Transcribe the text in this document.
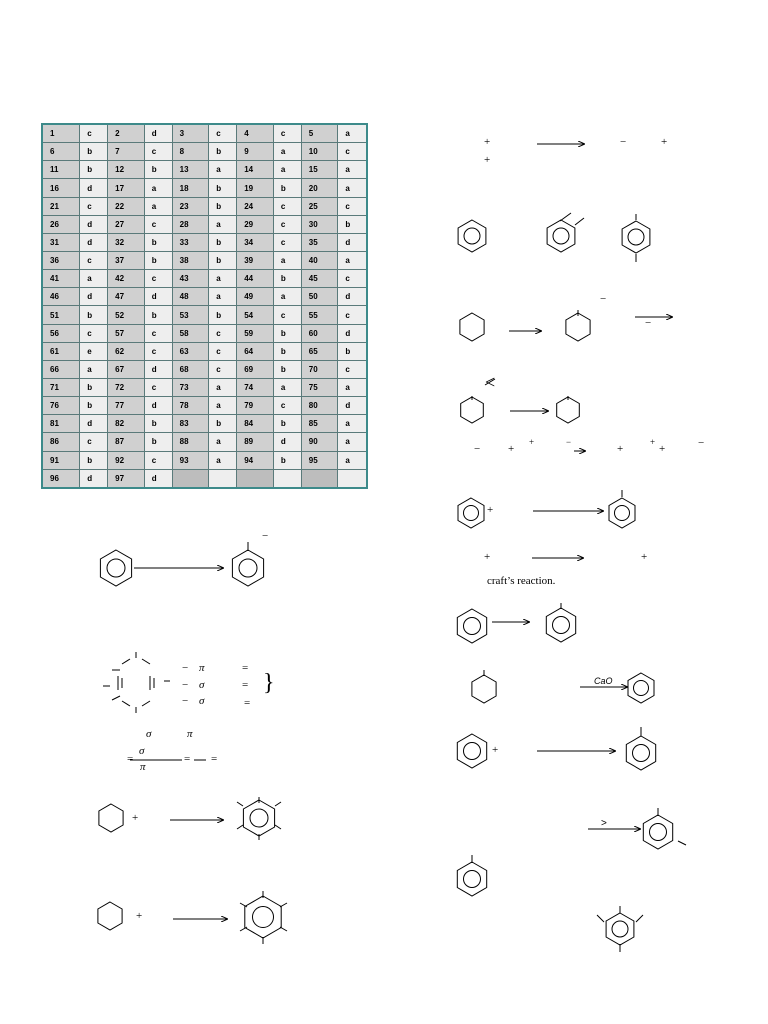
1	c	2	d	3	c	4	c	5	a
6	b	7	c	8	b	9	a	10	c
11	b	12	b	13	a	14	a	15	a
16	d	17	a	18	b	19	b	20	a
21	c	22	a	23	b	24	c	25	c
26	d	27	c	28	a	29	c	30	b
31	d	32	b	33	b	34	c	35	d
36	c	37	b	38	b	39	a	40	a
41	a	42	c	43	a	44	b	45	c
46	d	47	d	48	a	49	a	50	d
51	b	52	b	53	b	54	c	55	c
56	c	57	c	58	c	59	b	60	d
61	e	62	c	63	c	64	b	65	b
66	a	67	d	68	c	69	b	70	c
71	b	72	c	73	a	74	a	75	a
76	b	77	d	78	a	79	c	80	d
81	d	82	b	83	b	84	b	85	a
86	c	87	b	88	a	89	d	90	a
91	b	92	c	93	a	94	b	95	a
96	d	97	d						
+
+
−	+
−
−
<
−	+
+	−
+
+
+	−
+
+	+
craft’s reaction.
CaO
+
>
−
− π	=
− σ	=
− σ	=
}
σ	π
=
σ
π
= =
+
+
